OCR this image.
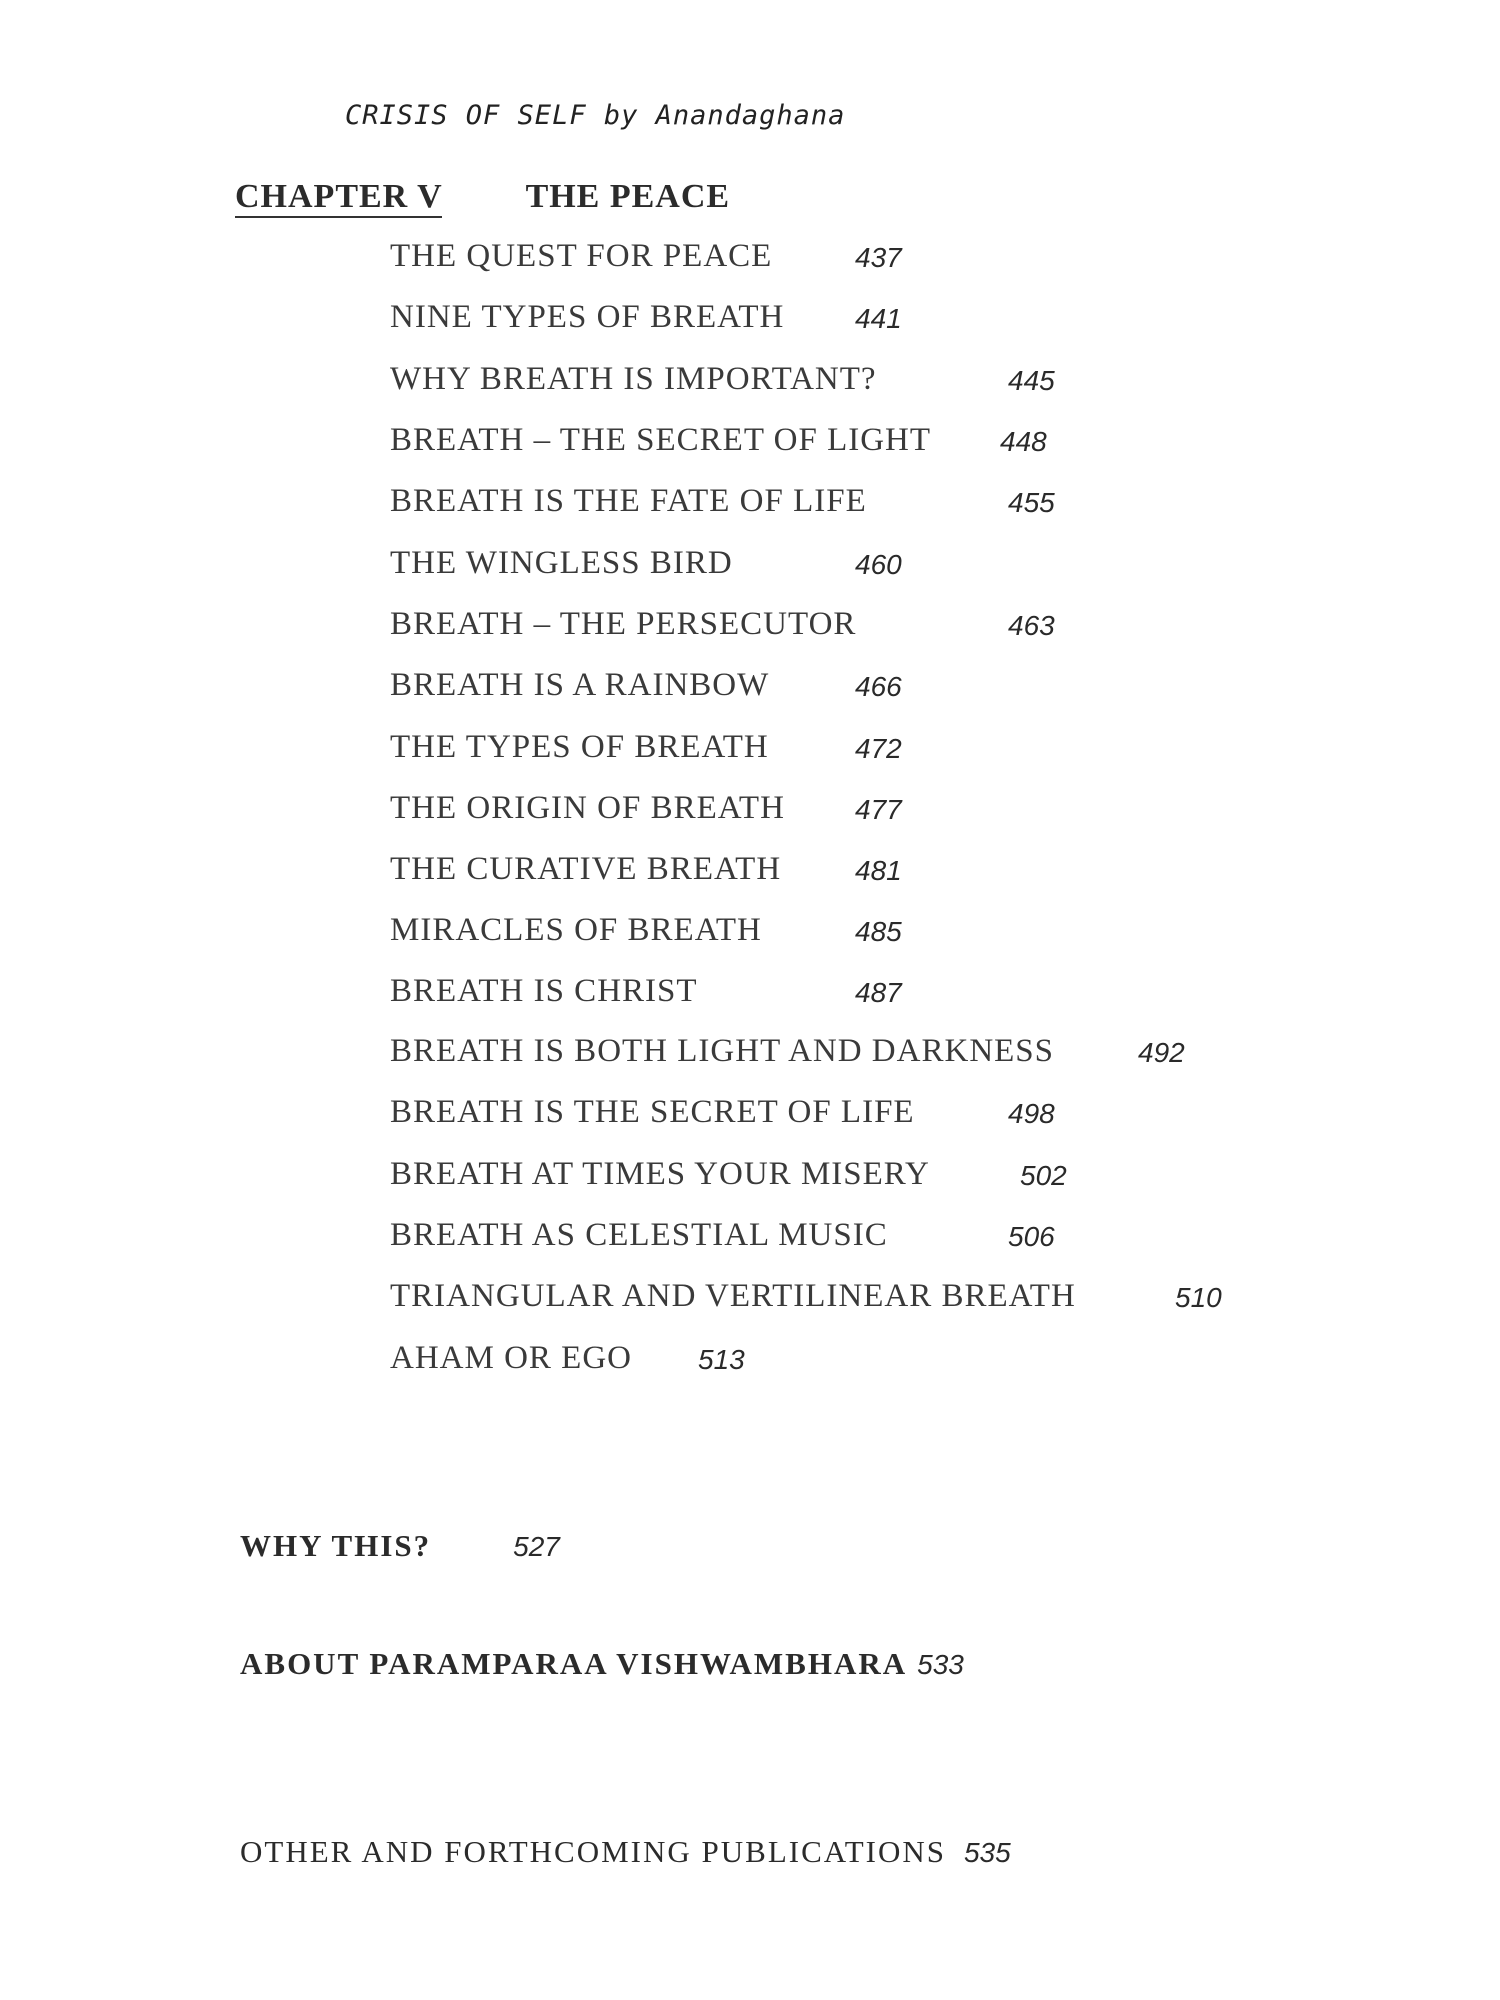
CRISIS OF SELF by Anandaghana
CHAPTER V THE PEACE
THE QUEST FOR PEACE	437
NINE TYPES OF BREATH	441
WHY BREATH IS IMPORTANT?	445
BREATH – THE SECRET OF LIGHT 448
BREATH IS THE FATE OF LIFE	455
THE WINGLESS BIRD	460
BREATH – THE PERSECUTOR	463
BREATH IS A RAINBOW	466
THE TYPES OF BREATH	472
THE ORIGIN OF BREATH	477
THE CURATIVE BREATH	481
MIRACLES OF BREATH	485
BREATH IS CHRIST	487
BREATH IS BOTH LIGHT AND DARKNESS	492
BREATH IS THE SECRET OF LIFE	498
BREATH AT TIMES YOUR MISERY	502
BREATH AS CELESTIAL MUSIC	506
TRIANGULAR AND VERTILINEAR BREATH	510
AHAM OR EGO 513
WHY THIS?	527
ABOUT PARAMPARAA VISHWAMBHARA 533
OTHER AND FORTHCOMING PUBLICATIONS 535
